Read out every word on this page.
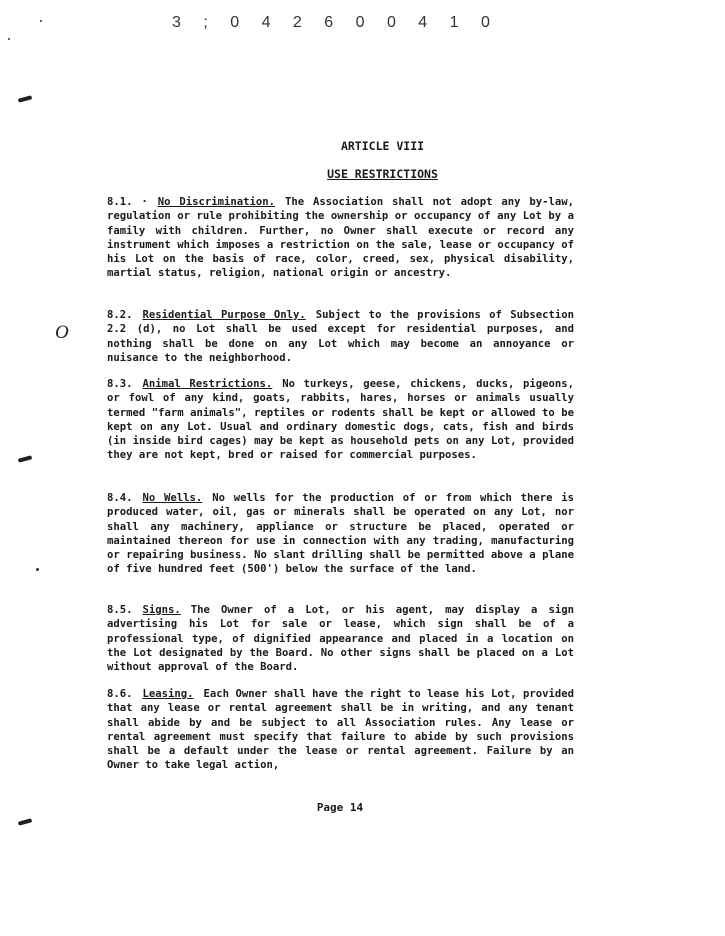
3 ; 0 4 2 6 0 0 4 1 0
O
ARTICLE VIII
USE RESTRICTIONS
8.1. · No Discrimination. The Association shall not adopt any by-law, regulation or rule prohibiting the ownership or occupancy of any Lot by a family with children. Further, no Owner shall execute or record any instrument which imposes a restriction on the sale, lease or occupancy of his Lot on the basis of race, color, creed, sex, physical disability, martial status, religion, national origin or ancestry.
8.2. Residential Purpose Only. Subject to the provisions of Subsection 2.2 (d), no Lot shall be used except for residential purposes, and nothing shall be done on any Lot which may become an annoyance or nuisance to the neighborhood.
8.3. Animal Restrictions. No turkeys, geese, chickens, ducks, pigeons, or fowl of any kind, goats, rabbits, hares, horses or animals usually termed "farm animals", reptiles or rodents shall be kept or allowed to be kept on any Lot. Usual and ordinary domestic dogs, cats, fish and birds (in inside bird cages) may be kept as household pets on any Lot, provided they are not kept, bred or raised for commercial purposes.
8.4. No Wells. No wells for the production of or from which there is produced water, oil, gas or minerals shall be operated on any Lot, nor shall any machinery, appliance or structure be placed, operated or maintained thereon for use in connection with any trading, manufacturing or repairing business. No slant drilling shall be permitted above a plane of five hundred feet (500') below the surface of the land.
8.5. Signs. The Owner of a Lot, or his agent, may display a sign advertising his Lot for sale or lease, which sign shall be of a professional type, of dignified appearance and placed in a location on the Lot designated by the Board. No other signs shall be placed on a Lot without approval of the Board.
8.6. Leasing. Each Owner shall have the right to lease his Lot, provided that any lease or rental agreement shall be in writing, and any tenant shall abide by and be subject to all Association rules. Any lease or rental agreement must specify that failure to abide by such provisions shall be a default under the lease or rental agreement. Failure by an Owner to take legal action,
Page 14
